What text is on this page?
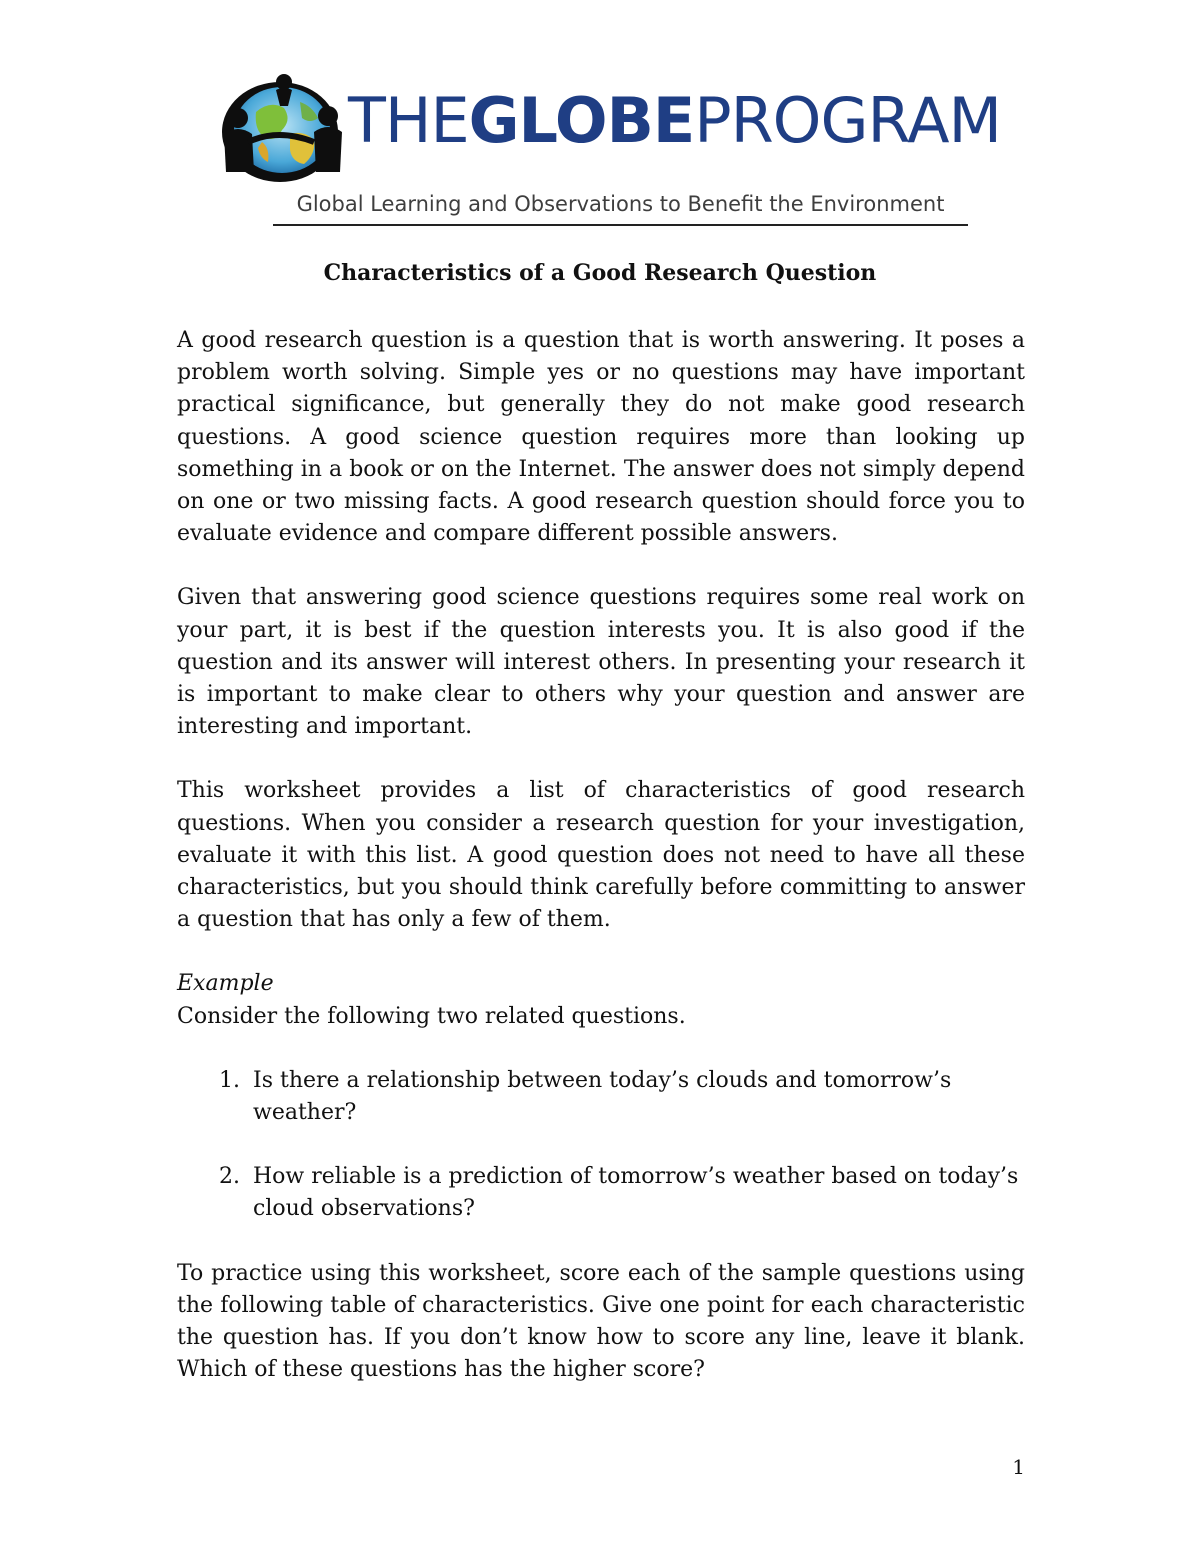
THEGLOBEPROGRAM
Global Learning and Observations to Benefit the Environment
Characteristics of a Good Research Question

A good research question is a question that is worth answering. It poses a problem worth solving. Simple yes or no questions may have important practical significance, but generally they do not make good research questions. A good science question requires more than looking up something in a book or on the Internet. The answer does not simply depend on one or two missing facts. A good research question should force you to evaluate evidence and compare different possible answers.

Given that answering good science questions requires some real work on your part, it is best if the question interests you. It is also good if the question and its answer will interest others. In presenting your research it is important to make clear to others why your question and answer are interesting and important.

This worksheet provides a list of characteristics of good research questions. When you consider a research question for your investigation, evaluate it with this list. A good question does not need to have all these characteristics, but you should think carefully before committing to answer a question that has only a few of them.

Example

Consider the following two related questions.

1. Is there a relationship between today’s clouds and tomorrow’s weather?
2. How reliable is a prediction of tomorrow’s weather based on today’s cloud observations?

To practice using this worksheet, score each of the sample questions using the following table of characteristics. Give one point for each characteristic the question has. If you don’t know how to score any line, leave it blank. Which of these questions has the higher score?

1
